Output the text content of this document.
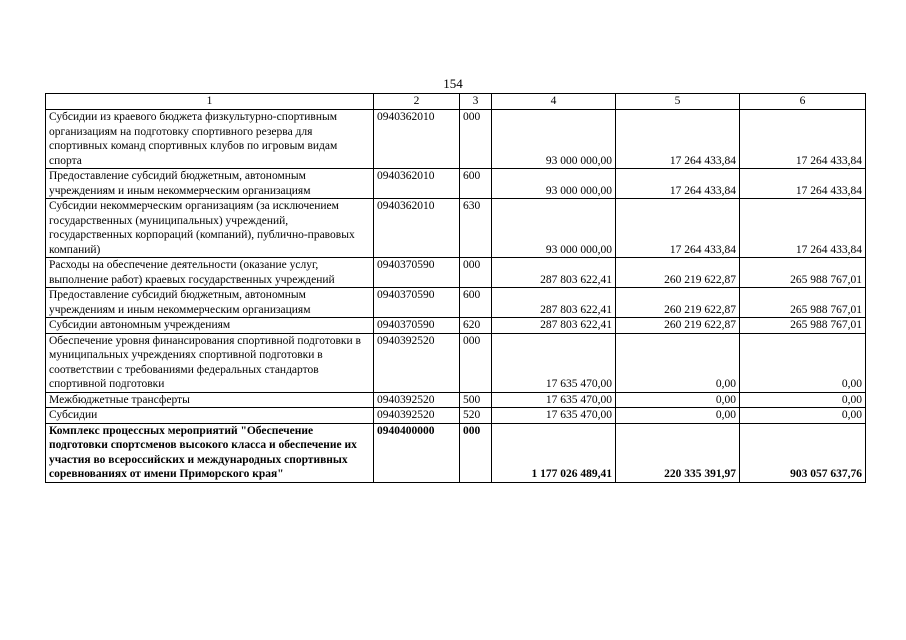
154
1	2	3	4	5	6
Субсидии из краевого бюджета физкультурно-спортивным организациям на подготовку спортивного резерва для спортивных команд спортивных клубов по игровым видам спорта	0940362010	000	93 000 000,00	17 264 433,84	17 264 433,84
Предоставление субсидий бюджетным, автономным учреждениям и иным некоммерческим организациям	0940362010	600	93 000 000,00	17 264 433,84	17 264 433,84
Субсидии некоммерческим организациям (за исключением государственных (муниципальных) учреждений, государственных корпораций (компаний), публично-правовых компаний)	0940362010	630	93 000 000,00	17 264 433,84	17 264 433,84
Расходы на обеспечение деятельности (оказание услуг, выполнение работ) краевых государственных учреждений	0940370590	000	287 803 622,41	260 219 622,87	265 988 767,01
Предоставление субсидий бюджетным, автономным учреждениям и иным некоммерческим организациям	0940370590	600	287 803 622,41	260 219 622,87	265 988 767,01
Субсидии автономным учреждениям	0940370590	620	287 803 622,41	260 219 622,87	265 988 767,01
Обеспечение уровня финансирования спортивной подготовки в муниципальных учреждениях спортивной подготовки в соответствии с требованиями федеральных стандартов спортивной подготовки	0940392520	000	17 635 470,00	0,00	0,00
Межбюджетные трансферты	0940392520	500	17 635 470,00	0,00	0,00
Субсидии	0940392520	520	17 635 470,00	0,00	0,00
Комплекс процессных мероприятий "Обеспечение подготовки спортсменов высокого класса и обеспечение их участия во всероссийских и международных спортивных соревнованиях от имени Приморского края"	0940400000	000	1 177 026 489,41	220 335 391,97	903 057 637,76
